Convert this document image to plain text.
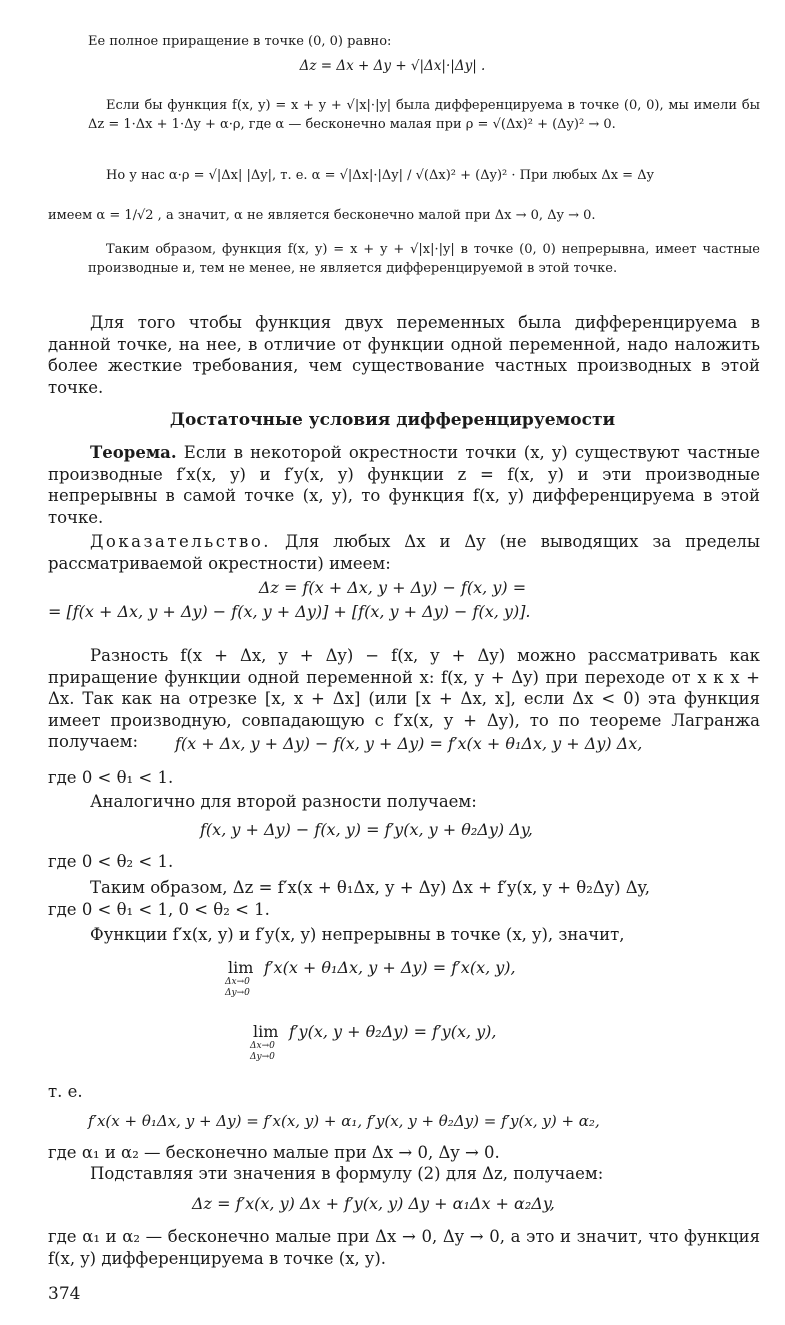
Ее полное приращение в точке (0, 0) равно:

Δz = Δx + Δy + √|Δx|·|Δy| .

Если бы функция f(x, y) = x + y + √|x|·|y| была дифференцируема в точке (0, 0), мы имели бы Δz = 1·Δx + 1·Δy + α·ρ, где α — бесконечно малая при ρ = √(Δx)² + (Δy)² → 0.

Но у нас α·ρ = √|Δx| |Δy|, т. е. α = √|Δx|·|Δy| / √(Δx)² + (Δy)² · При любых Δx = Δy

имеем α = 1/√2 , а значит, α не является бесконечно малой при Δx → 0, Δy → 0.

Таким образом, функция f(x, y) = x + y + √|x|·|y| в точке (0, 0) непрерывна, имеет частные производные и, тем не менее, не является дифференцируемой в этой точке.

Для того чтобы функция двух переменных была дифференцируема в данной точке, на нее, в отличие от функции одной переменной, надо наложить более жесткие требования, чем существование частных производных в этой точке.

Достаточные условия дифференцируемости

Теорема. Если в некоторой окрестности точки (x, y) существуют частные производные f′x(x, y) и f′y(x, y) функции z = f(x, y) и эти производные непрерывны в самой точке (x, y), то функция f(x, y) дифференцируема в этой точке.

Доказательство. Для любых Δx и Δy (не выводящих за пределы рассматриваемой окрестности) имеем:

Δz = f(x + Δx, y + Δy) − f(x, y) =

= [f(x + Δx, y + Δy) − f(x, y + Δy)] + [f(x, y + Δy) − f(x, y)].

Разность f(x + Δx, y + Δy) − f(x, y + Δy) можно рассматривать как приращение функции одной переменной x: f(x, y + Δy) при переходе от x к x + Δx. Так как на отрезке [x, x + Δx] (или [x + Δx, x], если Δx < 0) эта функция имеет производную, совпадающую с f′x(x, y + Δy), то по теореме Лагранжа получаем:	f(x + Δx, y + Δy) − f(x, y + Δy) = f′x(x + θ₁Δx, y + Δy) Δx,

где 0 < θ₁ < 1.

Аналогично для второй разности получаем:

f(x, y + Δy) − f(x, y) = f′y(x, y + θ₂Δy) Δy,

где 0 < θ₂ < 1.

Таким образом, Δz = f′x(x + θ₁Δx, y + Δy) Δx + f′y(x, y + θ₂Δy) Δy,

где 0 < θ₁ < 1, 0 < θ₂ < 1.

Функции f′x(x, y) и f′y(x, y) непрерывны в точке (x, y), значит,

lim
Δx→0
Δy→0
f′x(x + θ₁Δx, y + Δy) = f′x(x, y),
lim
Δx→0
Δy→0
f′y(x, y + θ₂Δy) = f′y(x, y),

т. е.

f′x(x + θ₁Δx, y + Δy) = f′x(x, y) + α₁, f′y(x, y + θ₂Δy) = f′y(x, y) + α₂,

где α₁ и α₂ — бесконечно малые при Δx → 0, Δy → 0.

Подставляя эти значения в формулу (2) для Δz, получаем:

Δz = f′x(x, y) Δx + f′y(x, y) Δy + α₁Δx + α₂Δy,

где α₁ и α₂ — бесконечно малые при Δx → 0, Δy → 0, а это и значит, что функция f(x, y) дифференцируема в точке (x, y).

374
